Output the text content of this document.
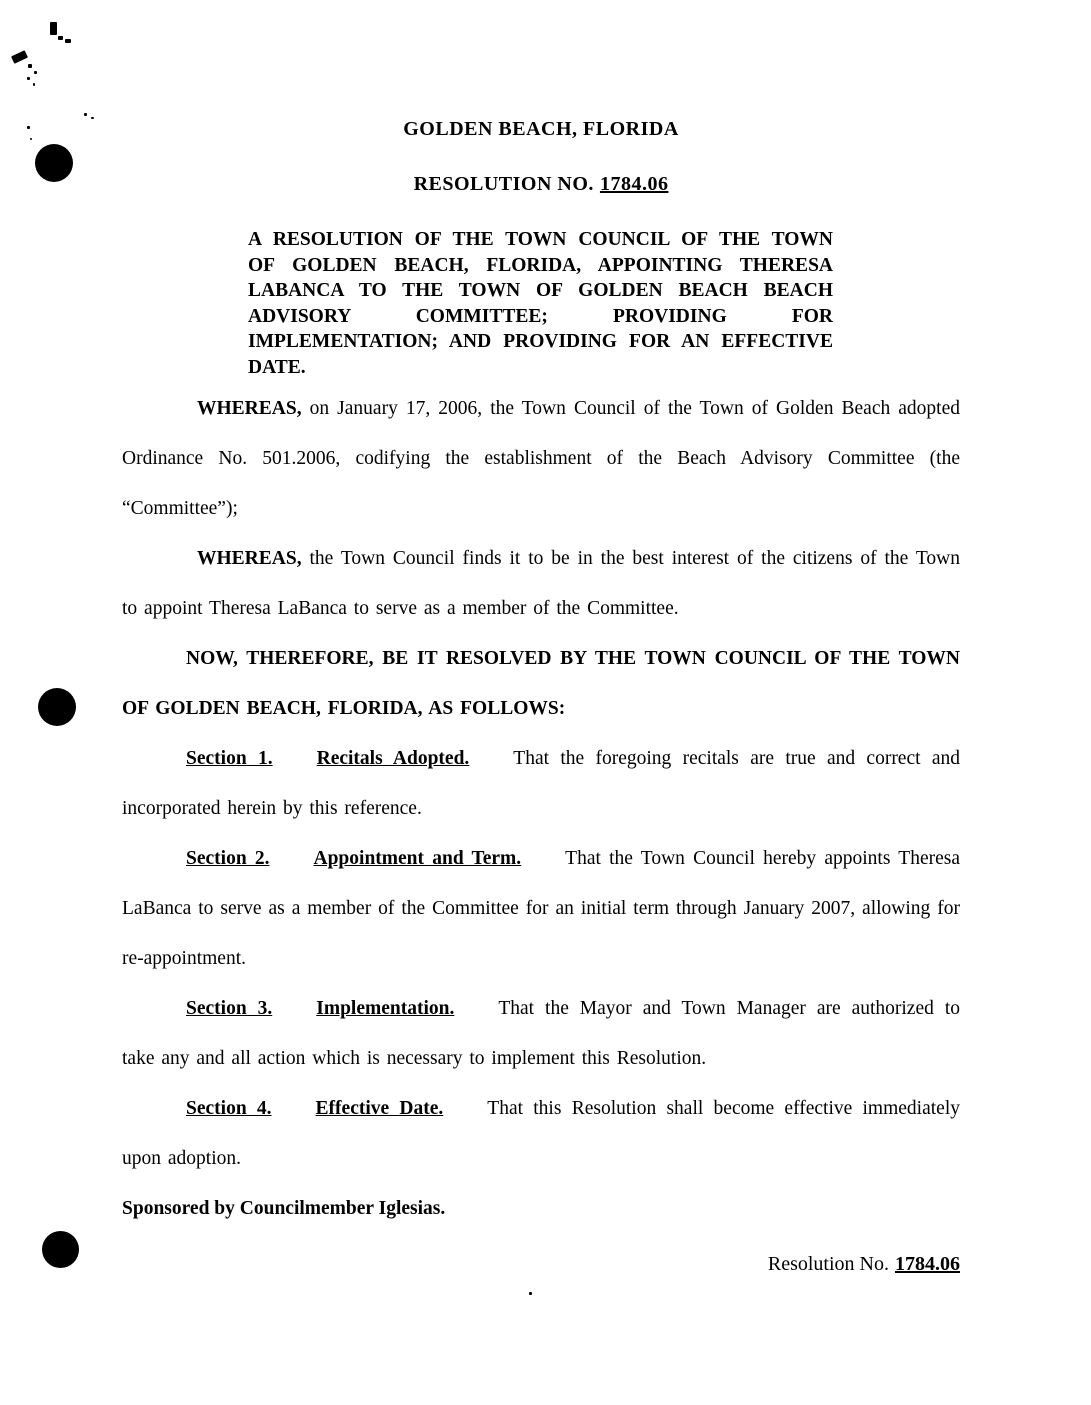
GOLDEN BEACH, FLORIDA
RESOLUTION NO. 1784.06

A RESOLUTION OF THE TOWN COUNCIL OF THE TOWN OF GOLDEN BEACH, FLORIDA, APPOINTING THERESA LABANCA TO THE TOWN OF GOLDEN BEACH BEACH ADVISORY COMMITTEE; PROVIDING FOR IMPLEMENTATION; AND PROVIDING FOR AN EFFECTIVE DATE.

WHEREAS, on January 17, 2006, the Town Council of the Town of Golden Beach adopted Ordinance No. 501.2006, codifying the establishment of the Beach Advisory Committee (the “Committee”);

WHEREAS, the Town Council finds it to be in the best interest of the citizens of the Town to appoint Theresa LaBanca to serve as a member of the Committee.

NOW, THEREFORE, BE IT RESOLVED BY THE TOWN COUNCIL OF THE TOWN OF GOLDEN BEACH, FLORIDA, AS FOLLOWS:

Section 1. Recitals Adopted. That the foregoing recitals are true and correct and incorporated herein by this reference.

Section 2. Appointment and Term. That the Town Council hereby appoints Theresa LaBanca to serve as a member of the Committee for an initial term through January 2007, allowing for re-appointment.

Section 3. Implementation. That the Mayor and Town Manager are authorized to take any and all action which is necessary to implement this Resolution.

Section 4. Effective Date. That this Resolution shall become effective immediately upon adoption.

Sponsored by Councilmember Iglesias.

Resolution No. 1784.06
